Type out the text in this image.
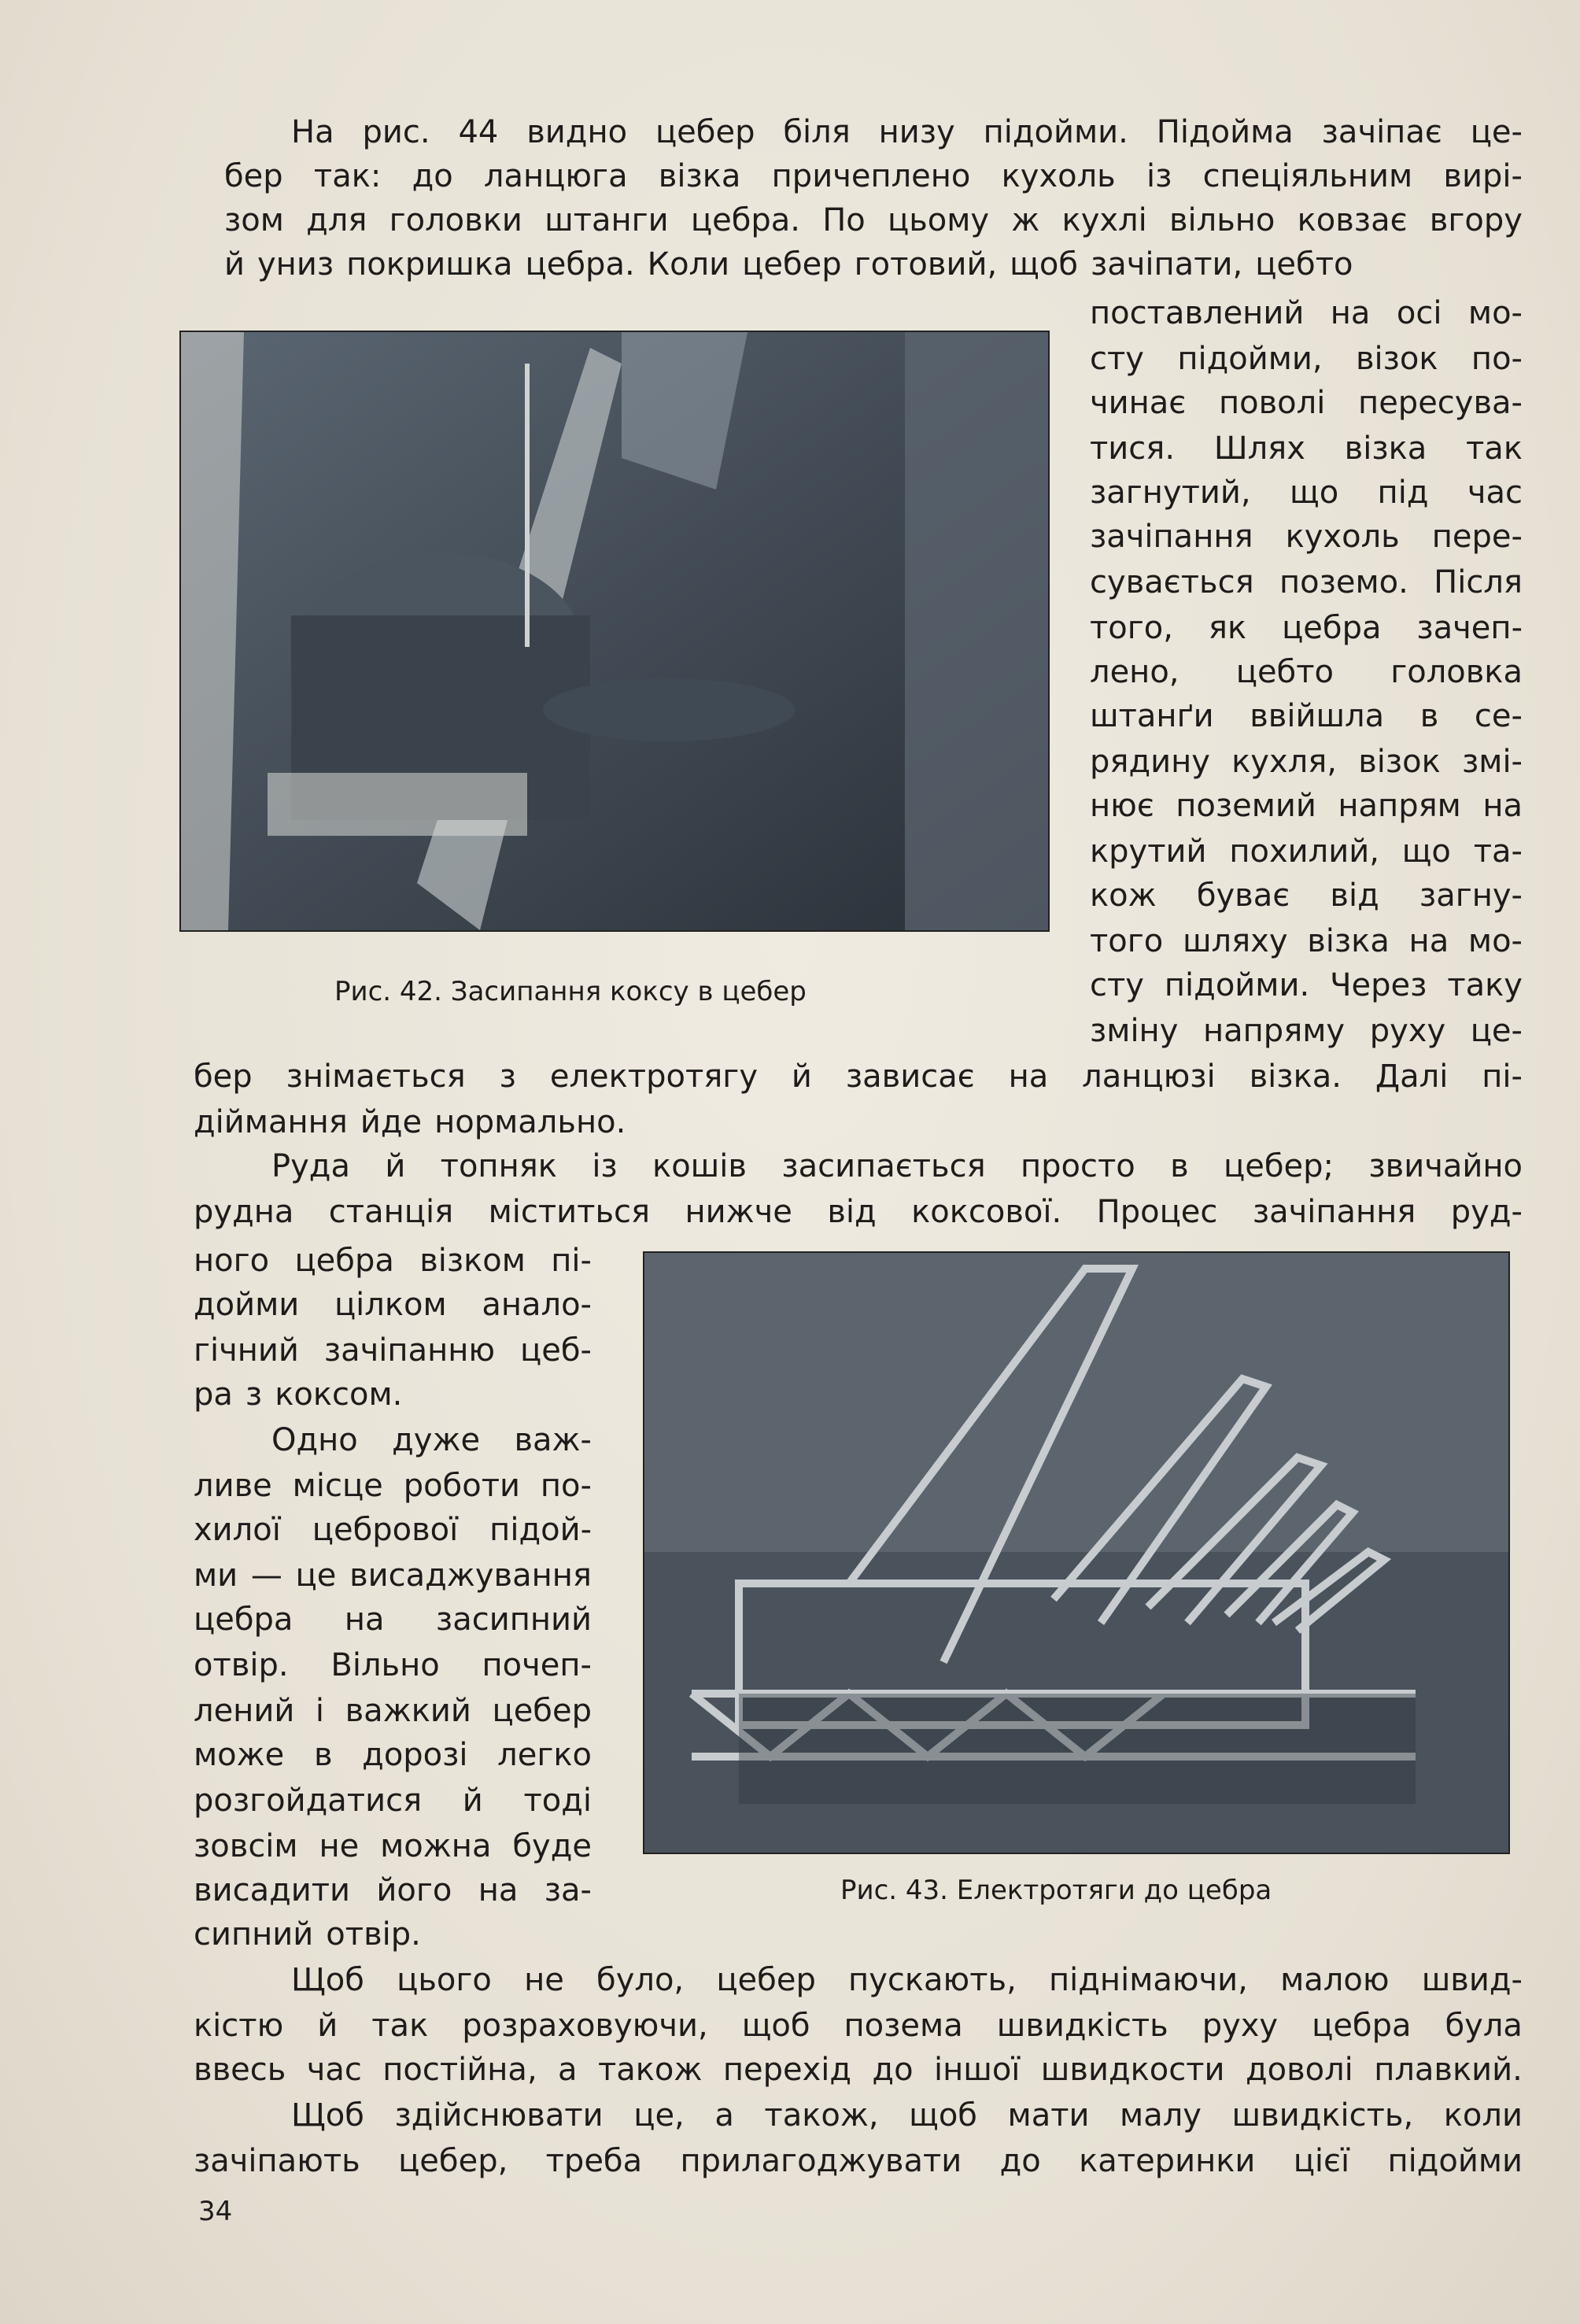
Рис. 42. Засипання коксу в цебер
Рис. 43. Електротяги до цебра
На рис. 44 видно цебер біля низу підойми. Підойма зачіпає це-
бер так: до ланцюга візка причеплено кухоль із спеціяльним вирі-
зом для головки штанги цебра. По цьому ж кухлі вільно ковзає вгору
й униз покришка цебра. Коли цебер готовий, щоб зачіпати, цебто
поставлений на осі мо-
сту підойми, візок по-
чинає поволі пересува-
тися. Шлях візка так
загнутий, що під час
зачіпання кухоль пере-
сувається поземо. Після
того, як цебра зачеп-
лено, цебто головка
штанґи ввійшла в се-
рядину кухля, візок змі-
нює поземий напрям на
крутий похилий, що та-
кож буває від загну-
того шляху візка на мо-
сту підойми. Через таку
зміну напряму руху це-
бер знімається з електротягу й зависає на ланцюзі візка. Далі пі-
діймання йде нормально.
Руда й топняк із кошів засипається просто в цебер; звичайно
рудна станція міститься нижче від коксової. Процес зачіпання руд-
ного цебра візком пі-
дойми цілком анало-
гічний зачіпанню цеб-
ра з коксом.
Одно дуже важ-
ливе місце роботи по-
хилої цебрової підой-
ми — це висаджування
цебра на засипний
отвір. Вільно почеп-
лений і важкий цебер
може в дорозі легко
розгойдатися й тоді
зовсім не можна буде
висадити його на за-
сипний отвір.
Щоб цього не було, цебер пускають, піднімаючи, малою швид-
кістю й так розраховуючи, щоб позема швидкість руху цебра була
ввесь час постійна, а також перехід до іншої швидкости доволі плавкий.
Щоб здійснювати це, а також, щоб мати малу швидкість, коли
зачіпають цебер, треба прилагоджувати до катеринки цієї підойми
34
